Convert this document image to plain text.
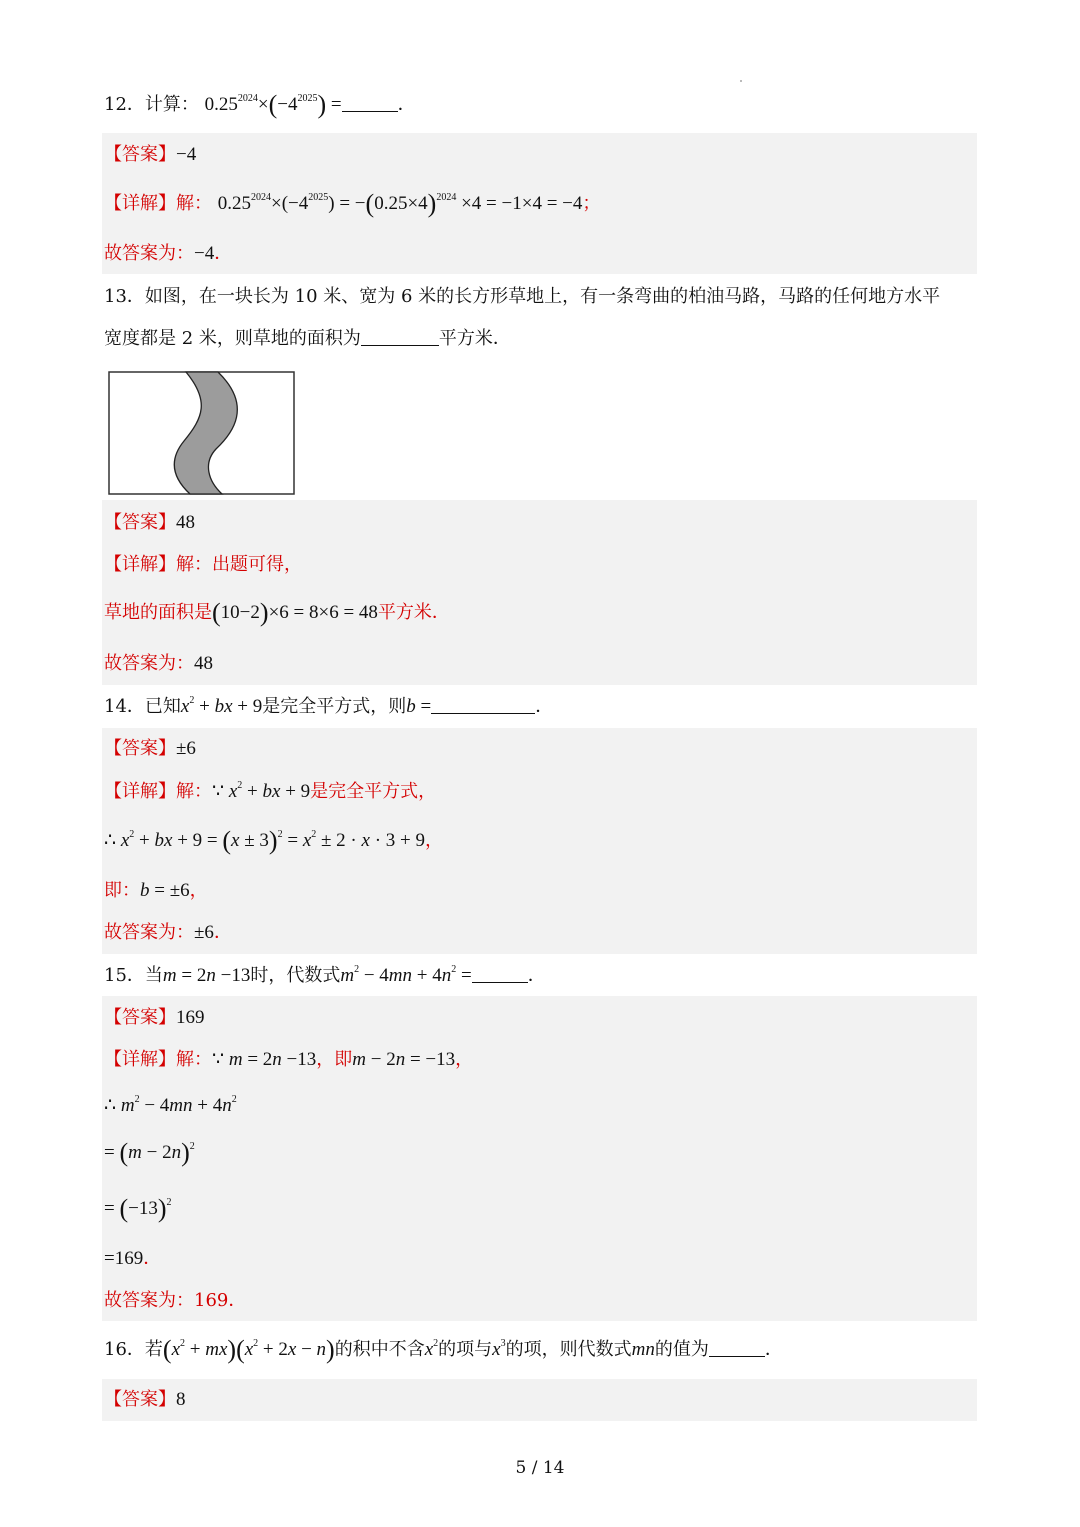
12．计算： $0.25^{2024}\times(-4^{2025})$ =	．
【答案】−4
【详解】解： $0.25^{2024}\times(-4^{2025}) = -(0.25\times 4)^{2024} \times 4 = -1\times 4 = -4$；
故答案为：−4．
13．如图，在一块长为 10 米、宽为 6 米的长方形草地上，有一条弯曲的柏油马路，马路的任何地方水平
宽度都是 2 米，则草地的面积为	平方米．
【答案】48
【详解】解：出题可得，
草地的面积是(10−2)×6 = 8×6 = 48平方米．
故答案为：48
14．已知$x^2$ + bx + 9是完全平方式，则b =	．
【答案】±6
【详解】解：∵ $x^2$ + bx + 9是完全平方式，
∴ $x^2$ + bx + $9 = (x \pm 3)^2 = x^2 \pm 2 \cdot x \cdot 3 + 9$，
即：b = ±6，
故答案为：±6．
15．当m = 2n −13时，代数式$m^2 - 4mn + 4n^2$ =	．
【答案】169
【详解】解：∵ m = 2n −13，即m − 2n = −13，
∴ $m^2 - 4mn + 4n^2$
= $(m - 2n)^2$
= $(-13)^2$
=169．
故答案为：169．
16．若$(x^2 + mx)(x^2 + 2x - n)$的积中不含$x^2$的项与$x^3$的项，则代数式mn的值为	．
【答案】8
5 / 14
